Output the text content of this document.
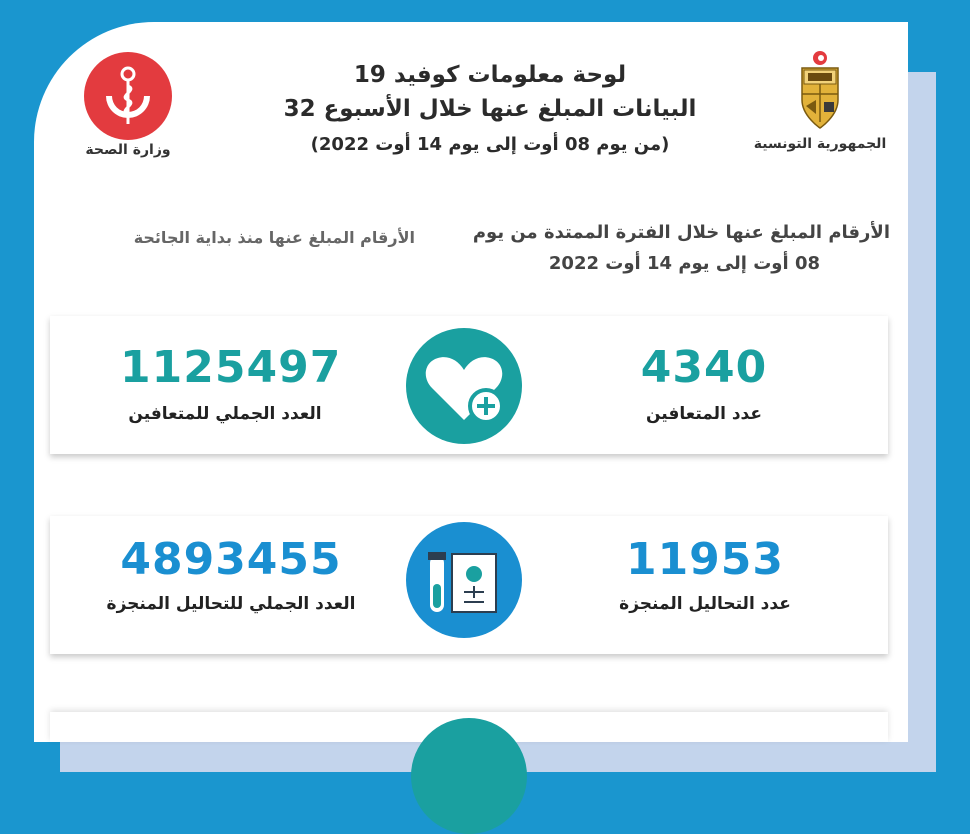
وزارة الصحة
لوحة معلومات كوفيد 19
البيانات المبلغ عنها خلال الأسبوع 32
(من يوم 08 أوت إلى يوم 14 أوت 2022)	الجمهورية التونسية
الأرقام المبلغ عنها خلال الفترة الممتدة من يوم
08 أوت إلى يوم 14 أوت 2022
الأرقام المبلغ عنها منذ بداية الجائحة
1125497
العدد الجملي للمتعافين
4340
عدد المتعافين
4893455
العدد الجملي للتحاليل المنجزة
11953
عدد التحاليل المنجزة
